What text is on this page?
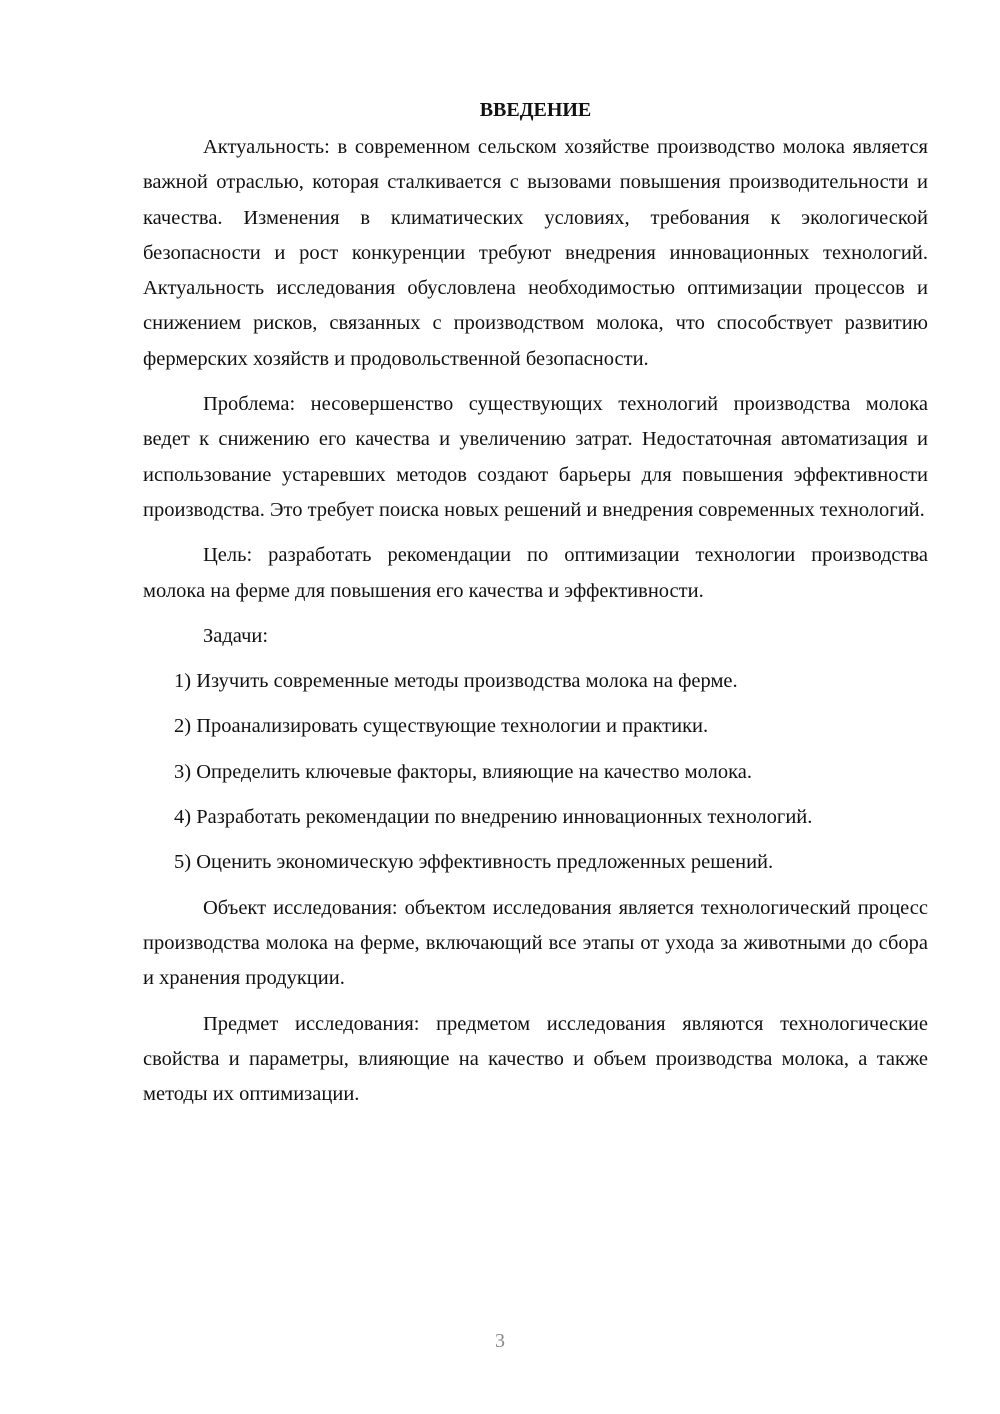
ВВЕДЕНИЕ

Актуальность: в современном сельском хозяйстве производство молока является важной отраслью, которая сталкивается с вызовами повышения производительности и качества. Изменения в климатических условиях, требования к экологической безопасности и рост конкуренции требуют внедрения инновационных технологий. Актуальность исследования обусловлена необходимостью оптимизации процессов и снижением рисков, связанных с производством молока, что способствует развитию фермерских хозяйств и продовольственной безопасности.

Проблема: несовершенство существующих технологий производства молока ведет к снижению его качества и увеличению затрат. Недостаточная автоматизация и использование устаревших методов создают барьеры для повышения эффективности производства. Это требует поиска новых решений и внедрения современных технологий.

Цель: разработать рекомендации по оптимизации технологии производства молока на ферме для повышения его качества и эффективности.

Задачи:

1) Изучить современные методы производства молока на ферме.
2) Проанализировать существующие технологии и практики.
3) Определить ключевые факторы, влияющие на качество молока.
4) Разработать рекомендации по внедрению инновационных технологий.
5) Оценить экономическую эффективность предложенных решений.

Объект исследования: объектом исследования является технологический процесс производства молока на ферме, включающий все этапы от ухода за животными до сбора и хранения продукции.

Предмет исследования: предметом исследования являются технологические свойства и параметры, влияющие на качество и объем производства молока, а также методы их оптимизации.

3
